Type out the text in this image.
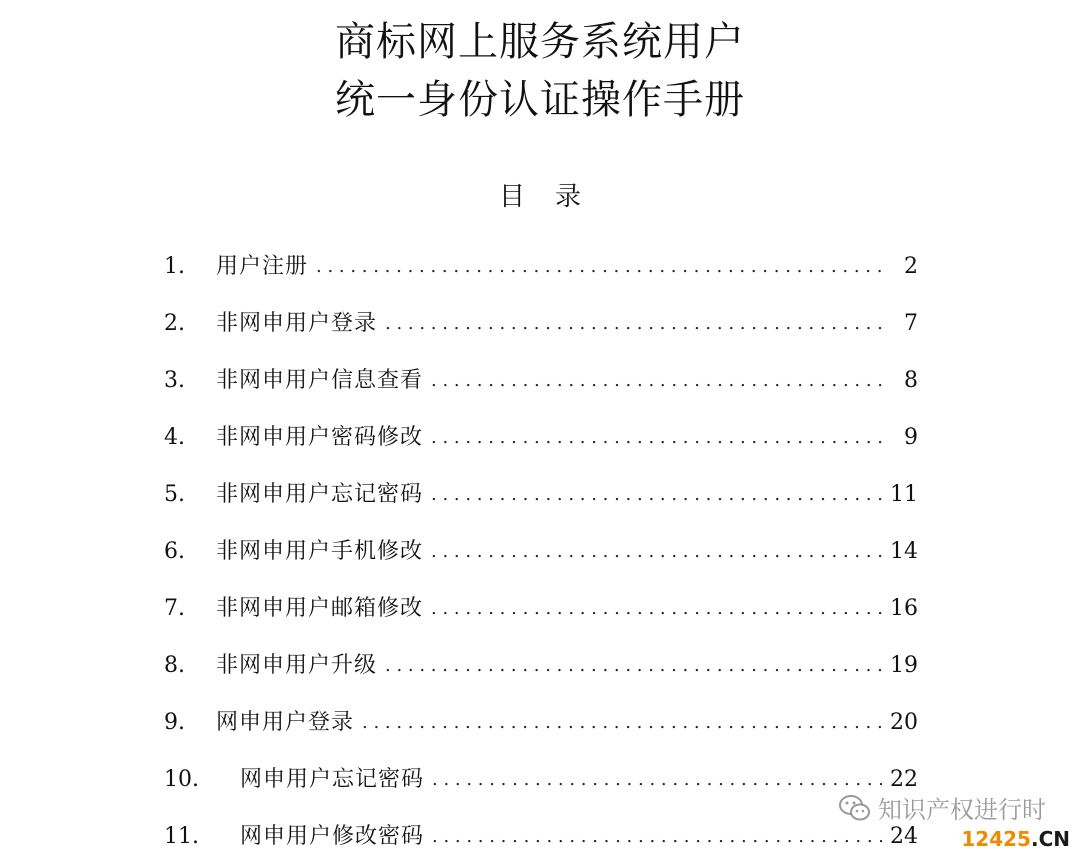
商标网上服务系统用户
统一身份认证操作手册
目录
1.	用户注册 . . .	2
2.	非网申用户登录 . . .	7
3.	非网申用户信息查看 . . .	8
4.	非网申用户密码修改 . . .	9
5.	非网申用户忘记密码 . . .	11
6.	非网申用户手机修改 . . .	14
7.	非网申用户邮箱修改 . . .	16
8.	非网申用户升级 . . .	19
9.	网申用户登录 . . .	20
10.	网申用户忘记密码 . . .	22
11.	网申用户修改密码 . . .	24
知识产权进行时
12425.CN
